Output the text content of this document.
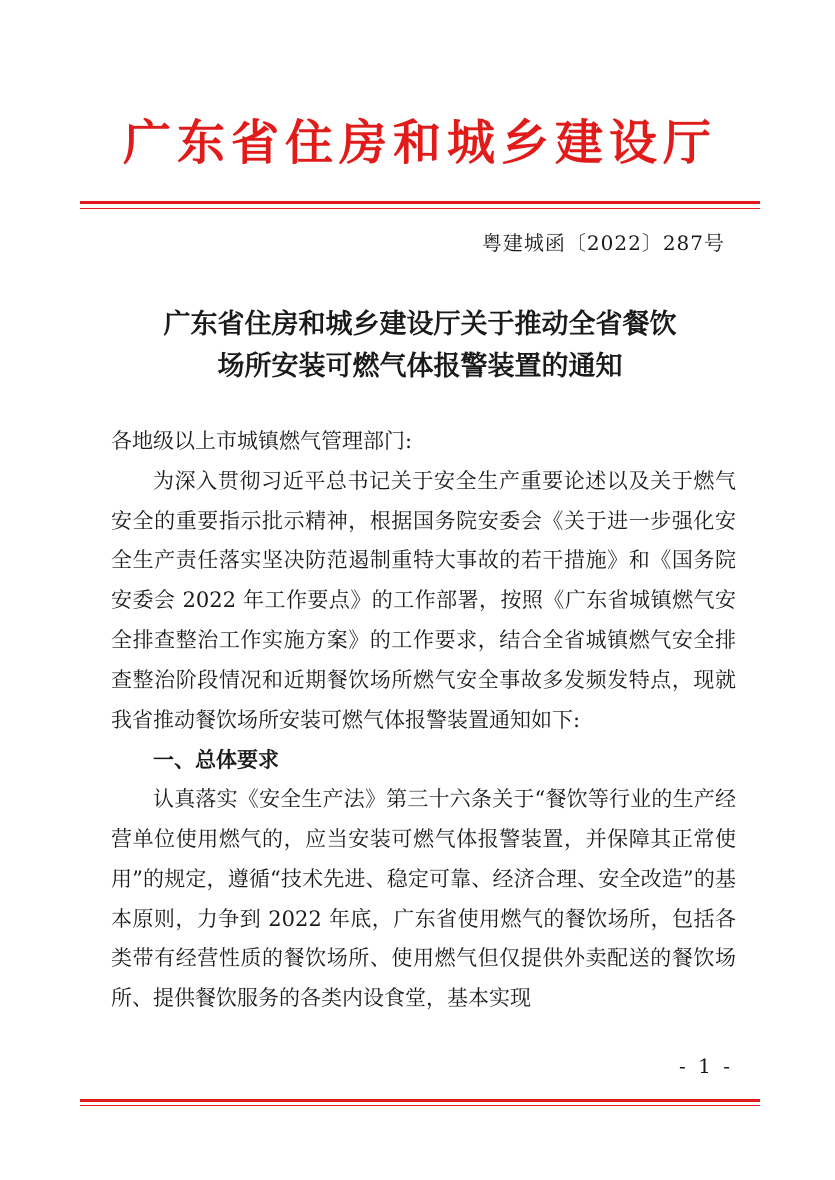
广东省住房和城乡建设厅
粤建城函〔2022〕287号
广东省住房和城乡建设厅关于推动全省餐饮
场所安装可燃气体报警装置的通知

各地级以上市城镇燃气管理部门:

为深入贯彻习近平总书记关于安全生产重要论述以及关于燃气安全的重要指示批示精神，根据国务院安委会《关于进一步强化安全生产责任落实坚决防范遏制重特大事故的若干措施》和《国务院安委会 2022 年工作要点》的工作部署，按照《广东省城镇燃气安全排查整治工作实施方案》的工作要求，结合全省城镇燃气安全排查整治阶段情况和近期餐饮场所燃气安全事故多发频发特点，现就我省推动餐饮场所安装可燃气体报警装置通知如下:

一、总体要求

认真落实《安全生产法》第三十六条关于“餐饮等行业的生产经营单位使用燃气的，应当安装可燃气体报警装置，并保障其正常使用”的规定，遵循“技术先进、稳定可靠、经济合理、安全改造”的基本原则，力争到 2022 年底，广东省使用燃气的餐饮场所，包括各类带有经营性质的餐饮场所、使用燃气但仅提供外卖配送的餐饮场所、提供餐饮服务的各类内设食堂，基本实现

- 1 -
